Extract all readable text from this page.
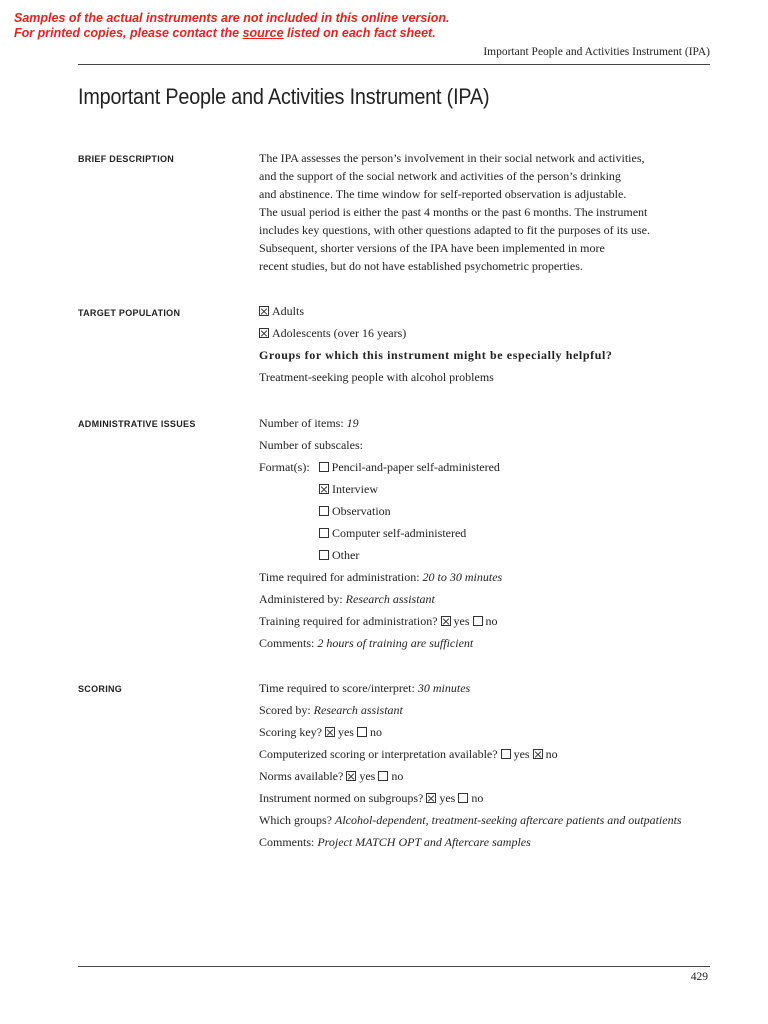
Samples of the actual instruments are not included in this online version.
For printed copies, please contact the source listed on each fact sheet.
Important People and Activities Instrument (IPA)
Important People and Activities Instrument (IPA)
BRIEF DESCRIPTION	The IPA assesses the person’s involvement in their social network and activities,
and the support of the social network and activities of the person’s drinking
and abstinence. The time window for self-reported observation is adjustable.
The usual period is either the past 4 months or the past 6 months. The instrument
includes key questions, with other questions adapted to fit the purposes of its use.
Subsequent, shorter versions of the IPA have been implemented in more
recent studies, but do not have established psychometric properties.
TARGET POPULATION	Adults
Adolescents (over 16 years)
Groups for which this instrument might be especially helpful?
Treatment-seeking people with alcohol problems
ADMINISTRATIVE ISSUES	Number of items: 19
Number of subscales:
Format(s): Pencil-and-paper self-administered
Interview
Observation
Computer self-administered
Other
Time required for administration: 20 to 30 minutes
Administered by: Research assistant
Training required for administration? yes no
Comments: 2 hours of training are sufficient
SCORING	Time required to score/interpret: 30 minutes
Scored by: Research assistant
Scoring key? yes no
Computerized scoring or interpretation available? yes no
Norms available? yes no
Instrument normed on subgroups? yes no
Which groups? Alcohol-dependent, treatment-seeking aftercare patients and outpatients
Comments: Project MATCH OPT and Aftercare samples
429
